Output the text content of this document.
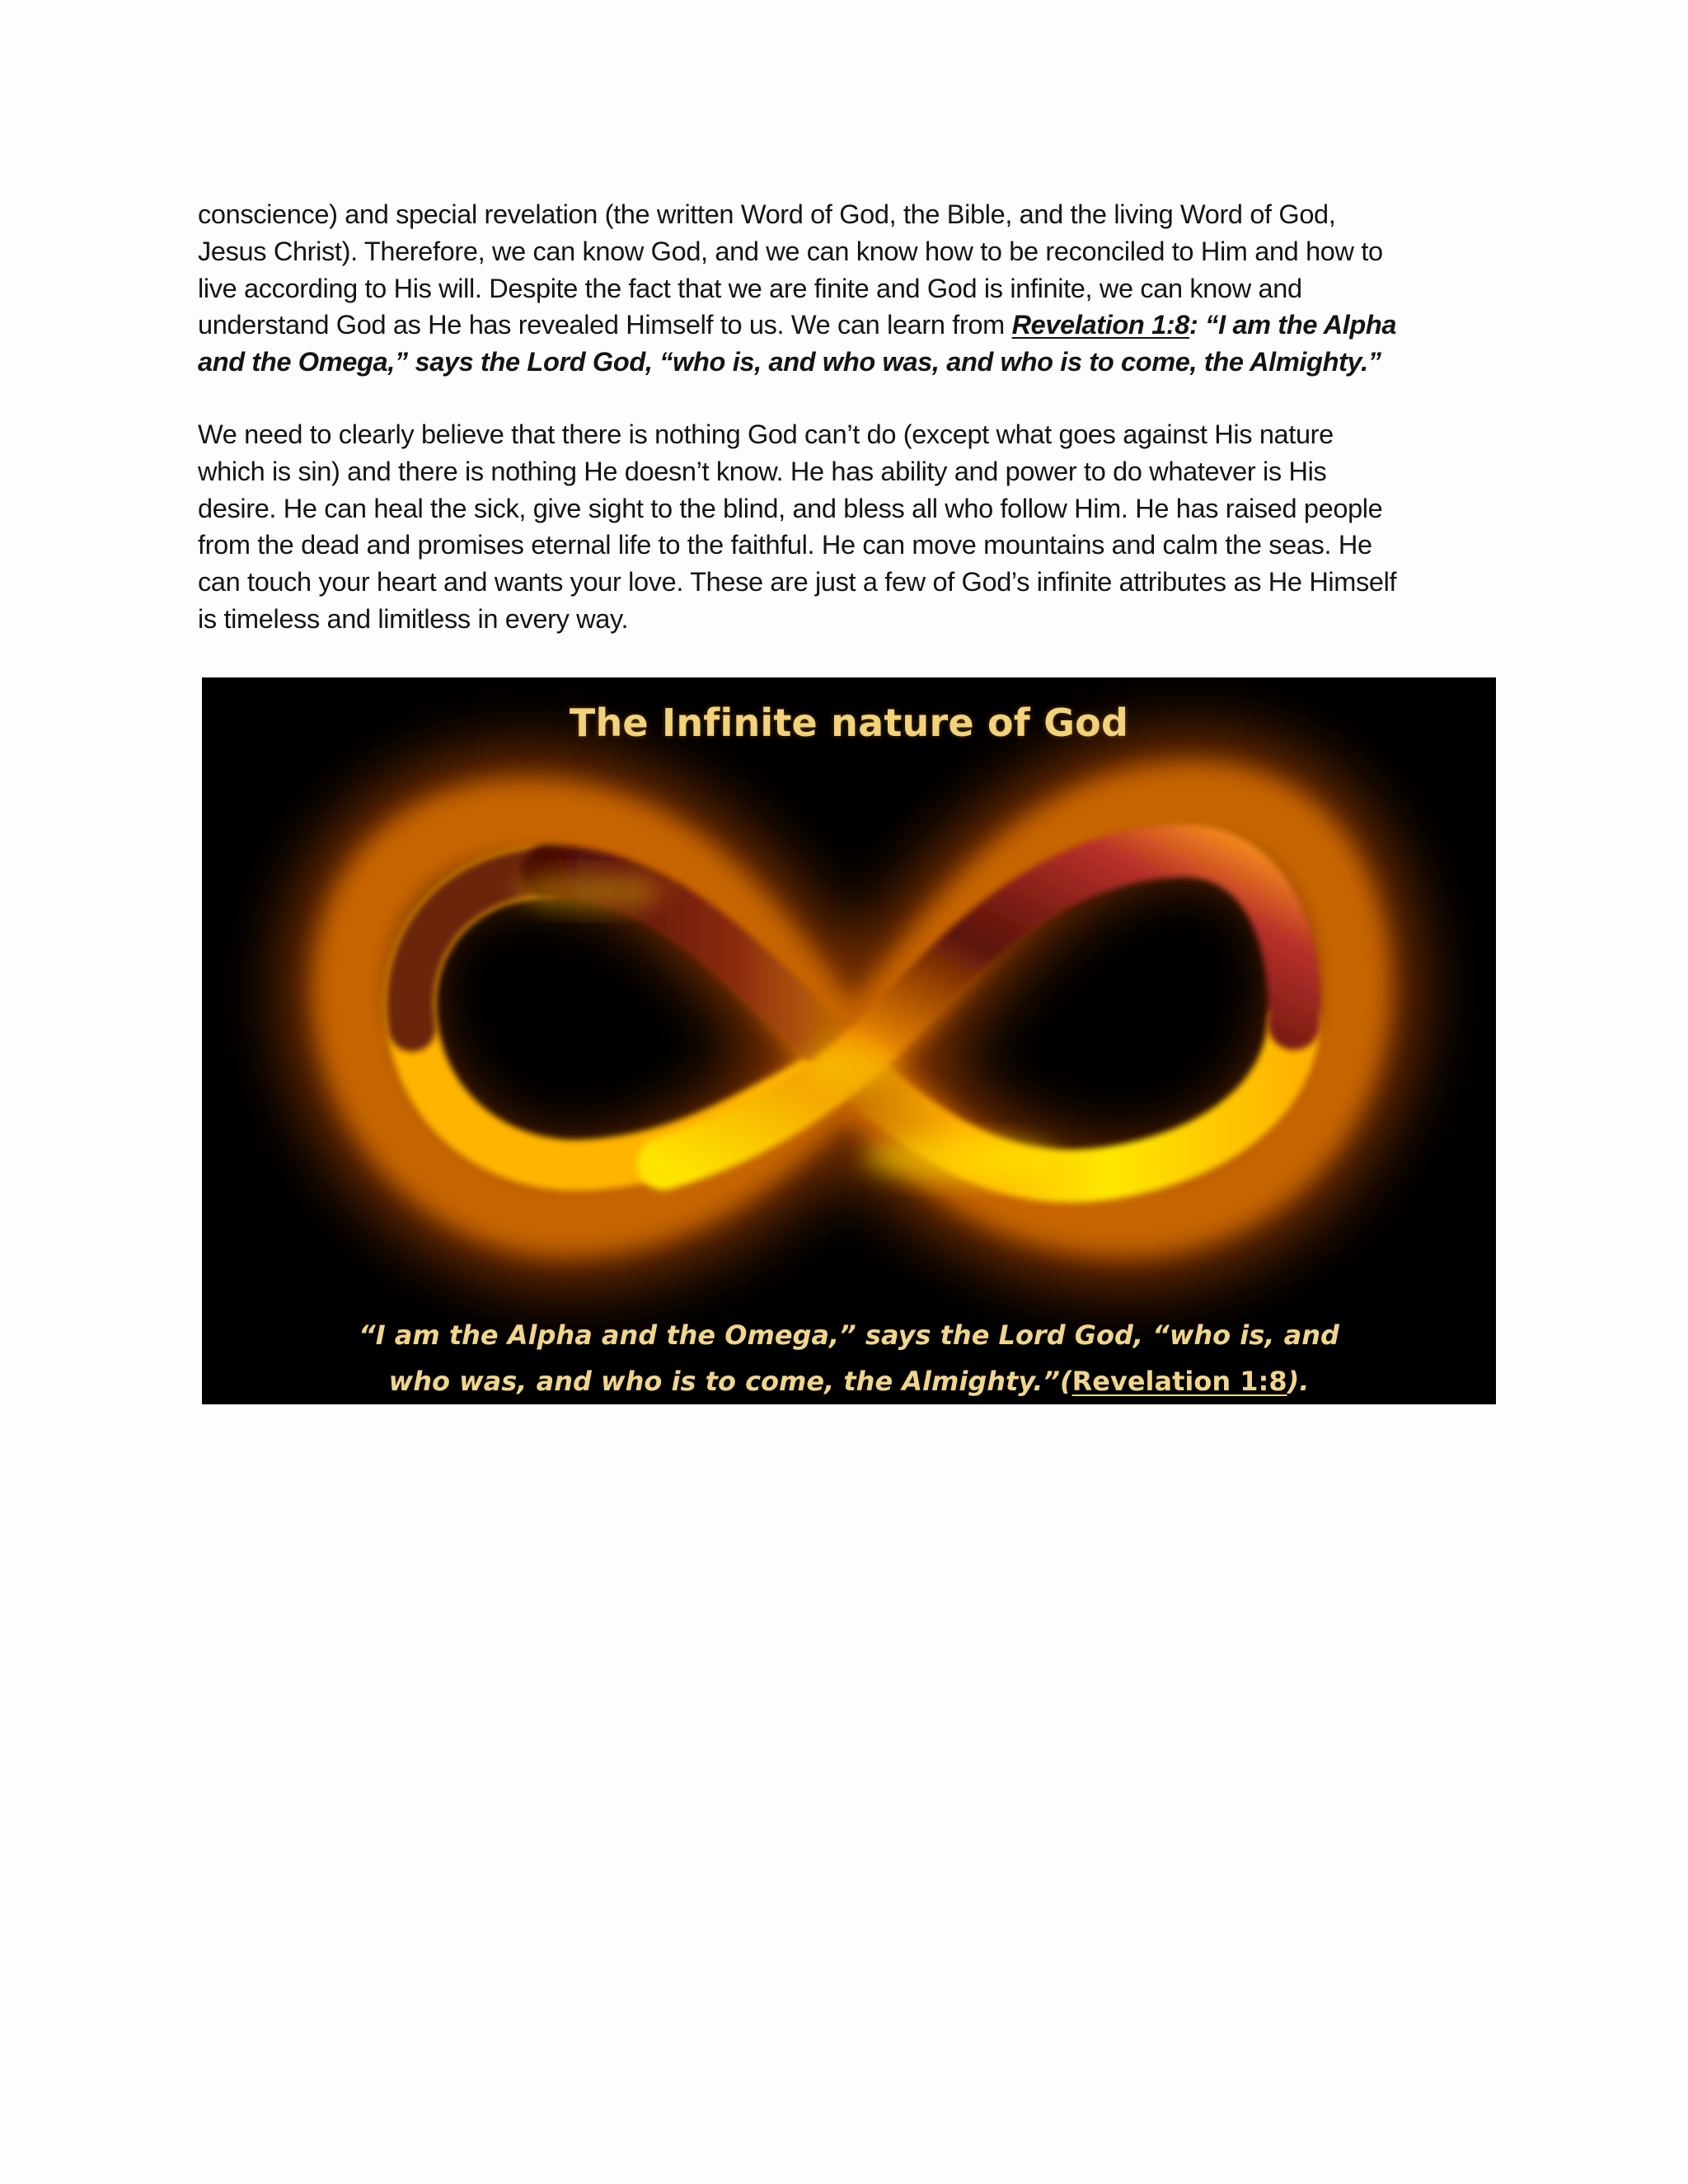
conscience) and special revelation (the written Word of God, the Bible, and the living Word of God,
Jesus Christ). Therefore, we can know God, and we can know how to be reconciled to Him and how to
live according to His will. Despite the fact that we are finite and God is infinite, we can know and
understand God as He has revealed Himself to us. We can learn from Revelation 1:8: “I am the Alpha
and the Omega,” says the Lord God, “who is, and who was, and who is to come, the Almighty.”

We need to clearly believe that there is nothing God can’t do (except what goes against His nature
which is sin) and there is nothing He doesn’t know. He has ability and power to do whatever is His
desire. He can heal the sick, give sight to the blind, and bless all who follow Him. He has raised people
from the dead and promises eternal life to the faithful. He can move mountains and calm the seas. He
can touch your heart and wants your love. These are just a few of God’s infinite attributes as He Himself
is timeless and limitless in every way.

The Infinite nature of God
“I am the Alpha and the Omega,” says the Lord God, “who is, and
who was, and who is to come, the Almighty.”(Revelation 1:8).
